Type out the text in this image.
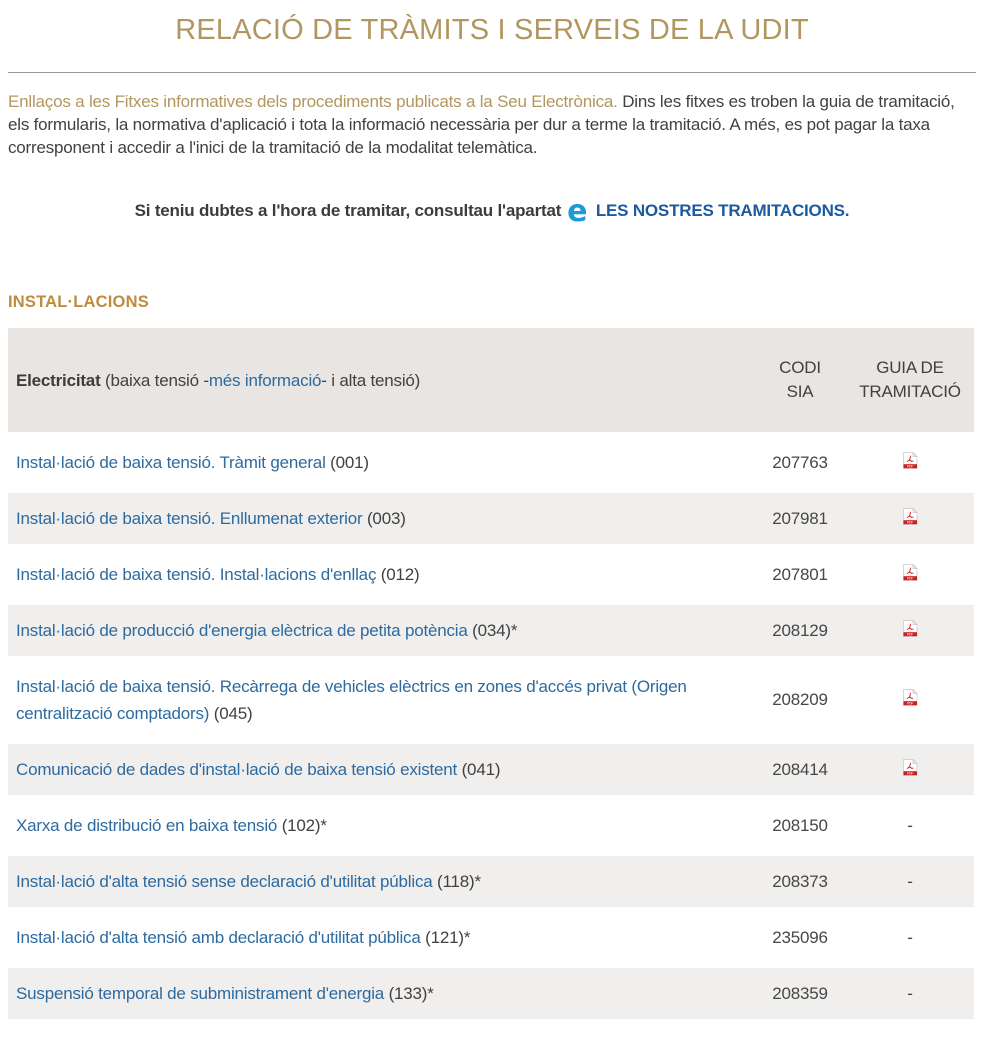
RELACIÓ DE TRÀMITS I SERVEIS DE LA UDIT

Enllaços a les Fitxes informatives dels procediments publicats a la Seu Electrònica. Dins les fitxes es troben la guia de tramitació, els formularis, la normativa d'aplicació i tota la informació necessària per dur a terme la tramitació. A més, es pot pagar la taxa corresponent i accedir a l'inici de la tramitació de la modalitat telemàtica.

Si teniu dubtes a l'hora de tramitar, consultau l'apartat e LES NOSTRES TRAMITACIONS.

INSTAL·LACIONS
Electricitat (baixa tensió -més informació- i alta tensió)	CODI SIA	GUIA DE TRAMITACIÓ

Instal·lació de baixa tensió. Tràmit general (001)	207763	PDF

Instal·lació de baixa tensió. Enllumenat exterior (003)	207981	PDF

Instal·lació de baixa tensió. Instal·lacions d'enllaç (012)	207801	PDF

Instal·lació de producció d'energia elèctrica de petita potència (034)*	208129	PDF

Instal·lació de baixa tensió. Recàrrega de vehicles elèctrics en zones d'accés privat (Origen centralització comptadors) (045)	208209	PDF

Comunicació de dades d'instal·lació de baixa tensió existent (041)	208414	PDF

Xarxa de distribució en baixa tensió (102)*	208150	-
Instal·lació d'alta tensió sense declaració d'utilitat pública (118)*	208373	-
Instal·lació d'alta tensió amb declaració d'utilitat pública (121)*	235096	-
Suspensió temporal de subministrament d'energia (133)*	208359	-
